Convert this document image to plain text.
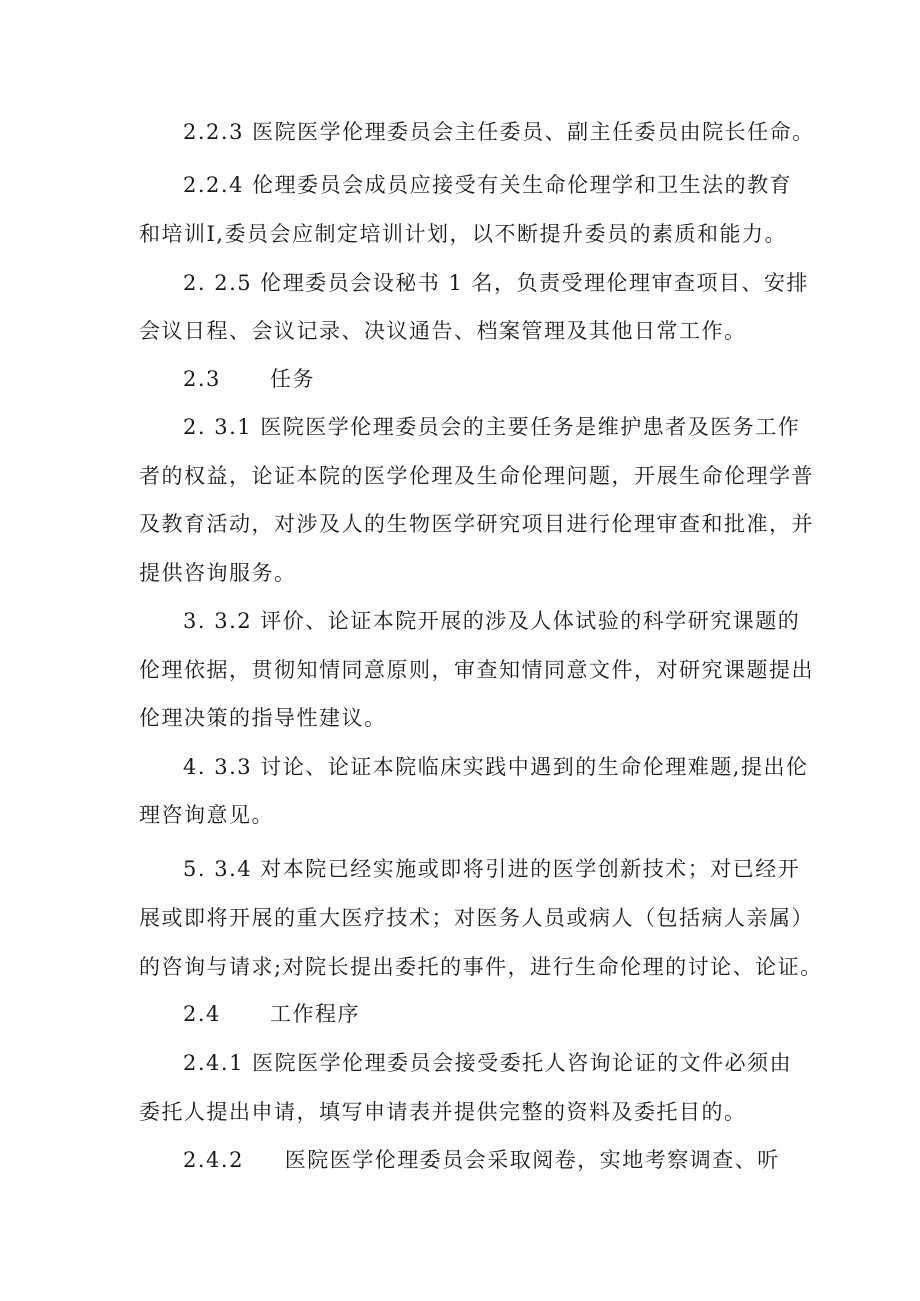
2.2.3 医院医学伦理委员会主任委员、副主任委员由院长任命。

2.2.4 伦理委员会成员应接受有关生命伦理学和卫生法的教育

和培训I,委员会应制定培训计划，以不断提升委员的素质和能力。

2. 2.5 伦理委员会设秘书 1 名，负责受理伦理审查项目、安排

会议日程、会议记录、决议通告、档案管理及其他日常工作。

2.3      任务

2. 3.1 医院医学伦理委员会的主要任务是维护患者及医务工作

者的权益，论证本院的医学伦理及生命伦理问题，开展生命伦理学普

及教育活动，对涉及人的生物医学研究项目进行伦理审查和批准，并

提供咨询服务。

3. 3.2 评价、论证本院开展的涉及人体试验的科学研究课题的

伦理依据，贯彻知情同意原则，审查知情同意文件，对研究课题提出

伦理决策的指导性建议。

4. 3.3 讨论、论证本院临床实践中遇到的生命伦理难题,提出伦

理咨询意见。

5. 3.4 对本院已经实施或即将引进的医学创新技术；对已经开

展或即将开展的重大医疗技术；对医务人员或病人（包括病人亲属）

的咨询与请求;对院长提出委托的事件，进行生命伦理的讨论、论证。

2.4      工作程序

2.4.1 医院医学伦理委员会接受委托人咨询论证的文件必须由

委托人提出申请，填写申请表并提供完整的资料及委托目的。

2.4.2     医院医学伦理委员会采取阅卷，实地考察调查、听
